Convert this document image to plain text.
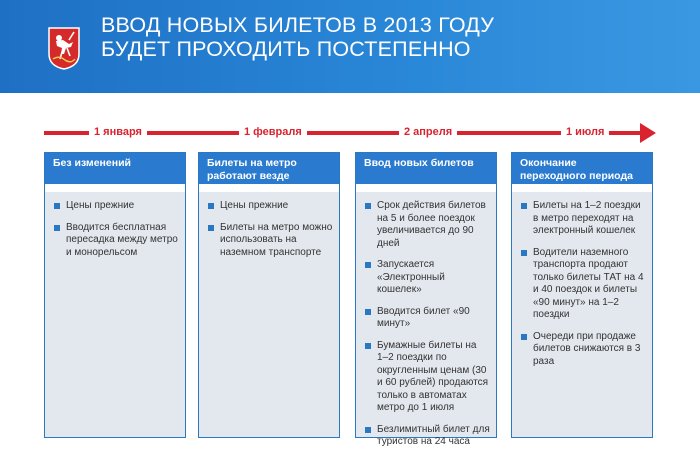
ВВОД НОВЫХ БИЛЕТОВ В 2013 ГОДУ
БУДЕТ ПРОХОДИТЬ ПОСТЕПЕННО
1 января	1 февраля	2 апреля	1 июля
Без изменений
Цены прежние
Вводится бесплатная пересадка между метро и монорельсом
Билеты на метро работают везде
Цены прежние
Билеты на метро можно использовать на наземном транспорте
Ввод новых билетов
Срок действия билетов на 5 и более поездок увеличивается до 90 дней
Запускается «Электронный кошелек»
Вводится билет «90 минут»
Бумажные билеты на 1–2 поездки по округленным ценам (30 и 60 рублей) продаются только в автоматах метро до 1 июля
Безлимитный билет для туристов на 24 часа
Окончание переходного периода
Билеты на 1–2 поездки в метро переходят на электронный кошелек
Водители наземного транспорта продают только билеты ТАТ на 4 и 40 поездок и билеты «90 минут» на 1–2 поездки
Очереди при продаже билетов снижаются в 3 раза
